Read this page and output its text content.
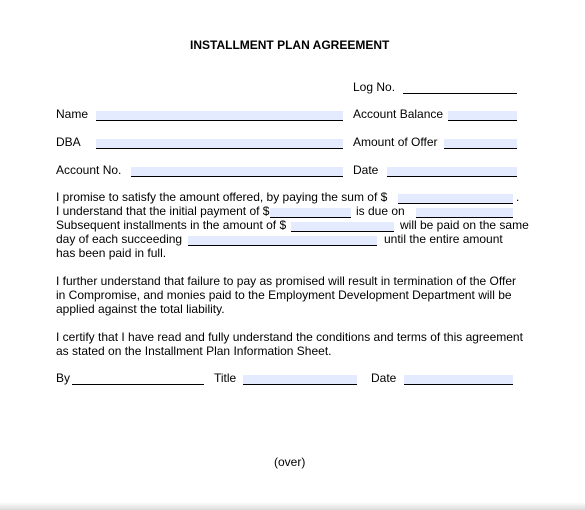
INSTALLMENT PLAN AGREEMENT
Log No.
Name	Account Balance
DBA	Amount of Offer
Account No.	Date
I promise to satisfy the amount offered, by paying the sum of $	.
I understand that the initial payment of $	is due on
Subsequent installments in the amount of $	will be paid on the same
day of each succeeding	until the entire amount
has been paid in full.
I further understand that failure to pay as promised will result in termination of the Offer
in Compromise, and monies paid to the Employment Development Department will be
applied against the total liability.
I certify that I have read and fully understand the conditions and terms of this agreement
as stated on the Installment Plan Information Sheet.
By	Title	Date
(over)
